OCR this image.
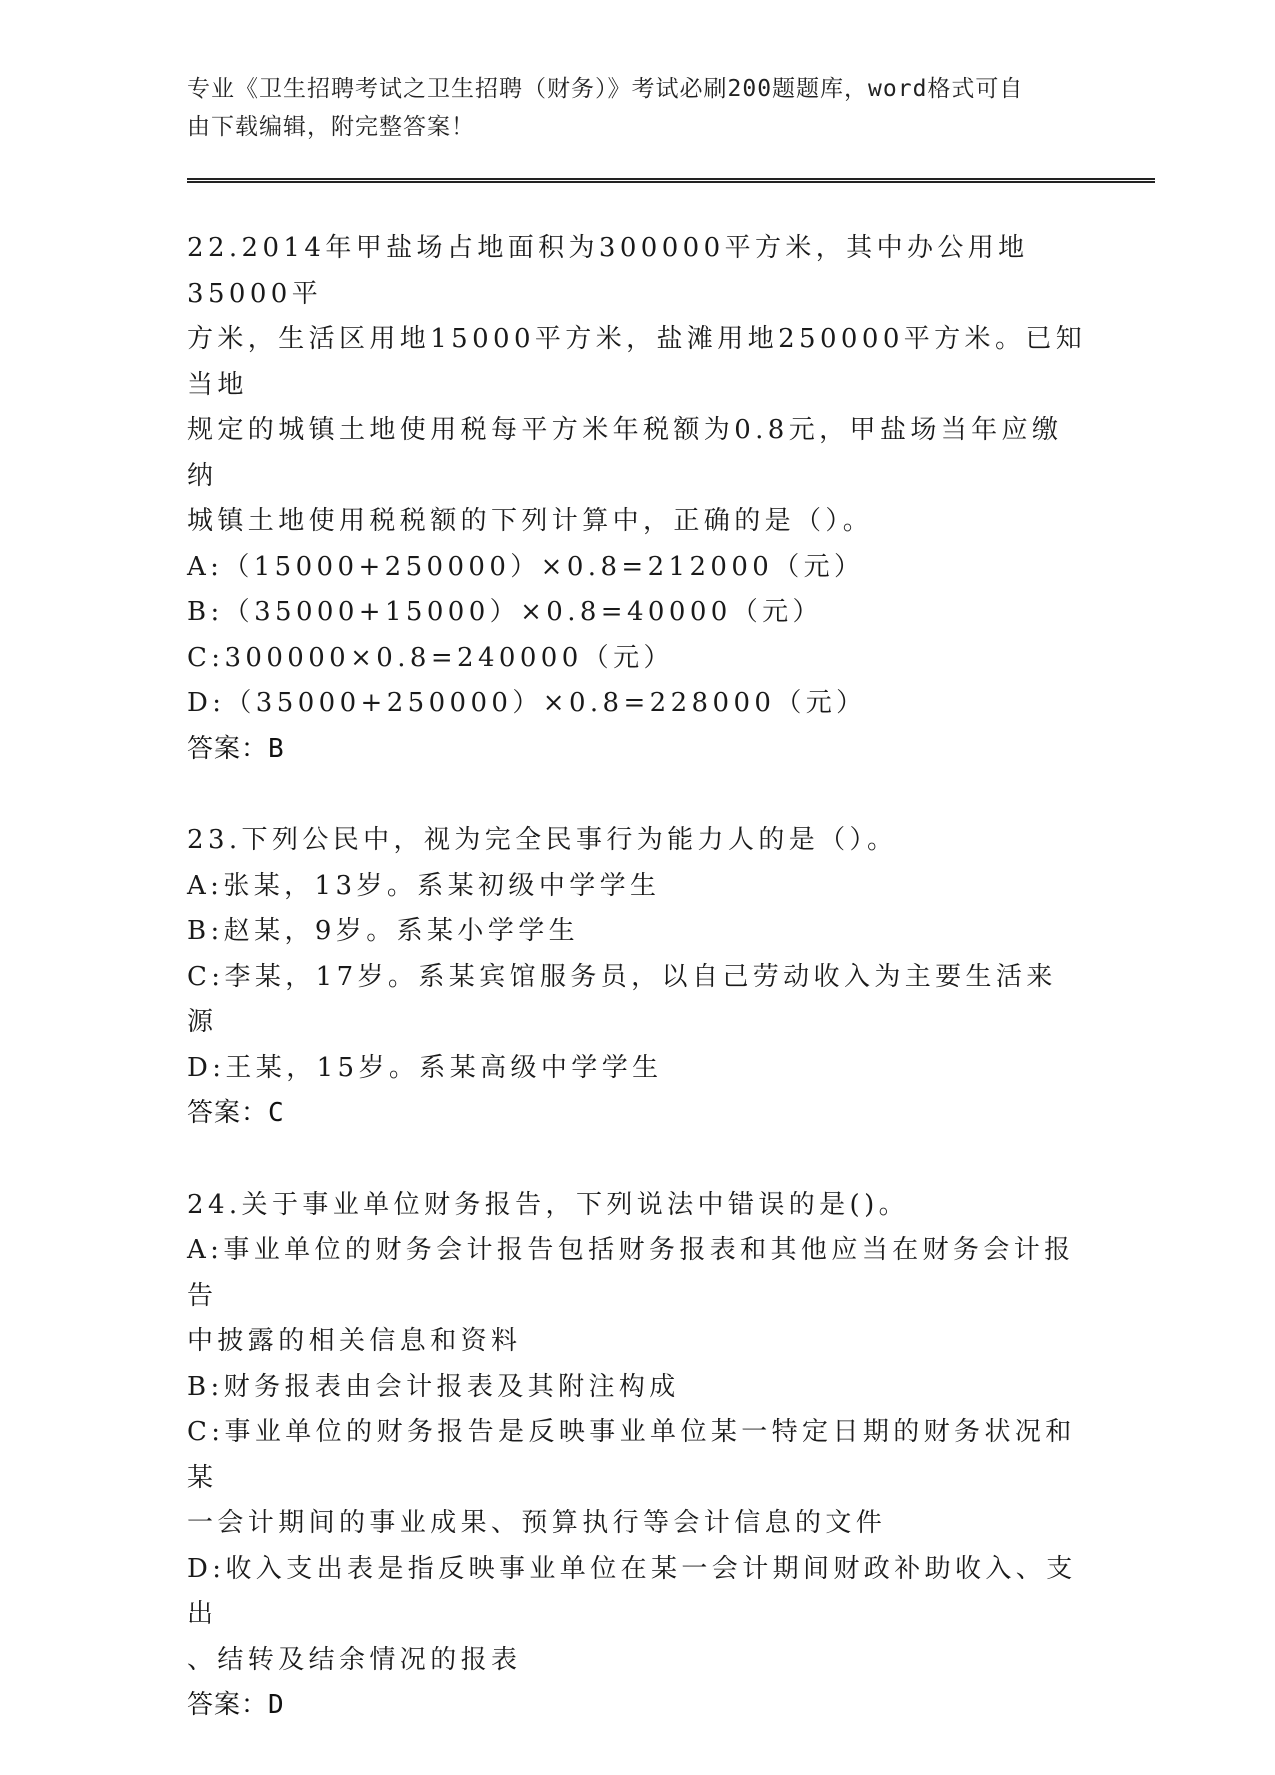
专业《卫生招聘考试之卫生招聘（财务）》考试必刷200题题库，word格式可自
由下载编辑，附完整答案！
22.2014年甲盐场占地面积为300000平方米，其中办公用地35000平
方米，生活区用地15000平方米，盐滩用地250000平方米。已知当地
规定的城镇土地使用税每平方米年税额为0.8元，甲盐场当年应缴纳
城镇土地使用税税额的下列计算中，正确的是（）。
A:（15000+250000）×0.8=212000（元）
B:（35000+15000）×0.8=40000（元）
C:300000×0.8=240000（元）
D:（35000+250000）×0.8=228000（元）
答案：B
23.下列公民中，视为完全民事行为能力人的是（）。
A:张某，13岁。系某初级中学学生
B:赵某，9岁。系某小学学生
C:李某，17岁。系某宾馆服务员，以自己劳动收入为主要生活来源
D:王某，15岁。系某高级中学学生
答案：C
24.关于事业单位财务报告，下列说法中错误的是()。
A:事业单位的财务会计报告包括财务报表和其他应当在财务会计报告
中披露的相关信息和资料
B:财务报表由会计报表及其附注构成
C:事业单位的财务报告是反映事业单位某一特定日期的财务状况和某
一会计期间的事业成果、预算执行等会计信息的文件
D:收入支出表是指反映事业单位在某一会计期间财政补助收入、支出
、结转及结余情况的报表
答案：D
